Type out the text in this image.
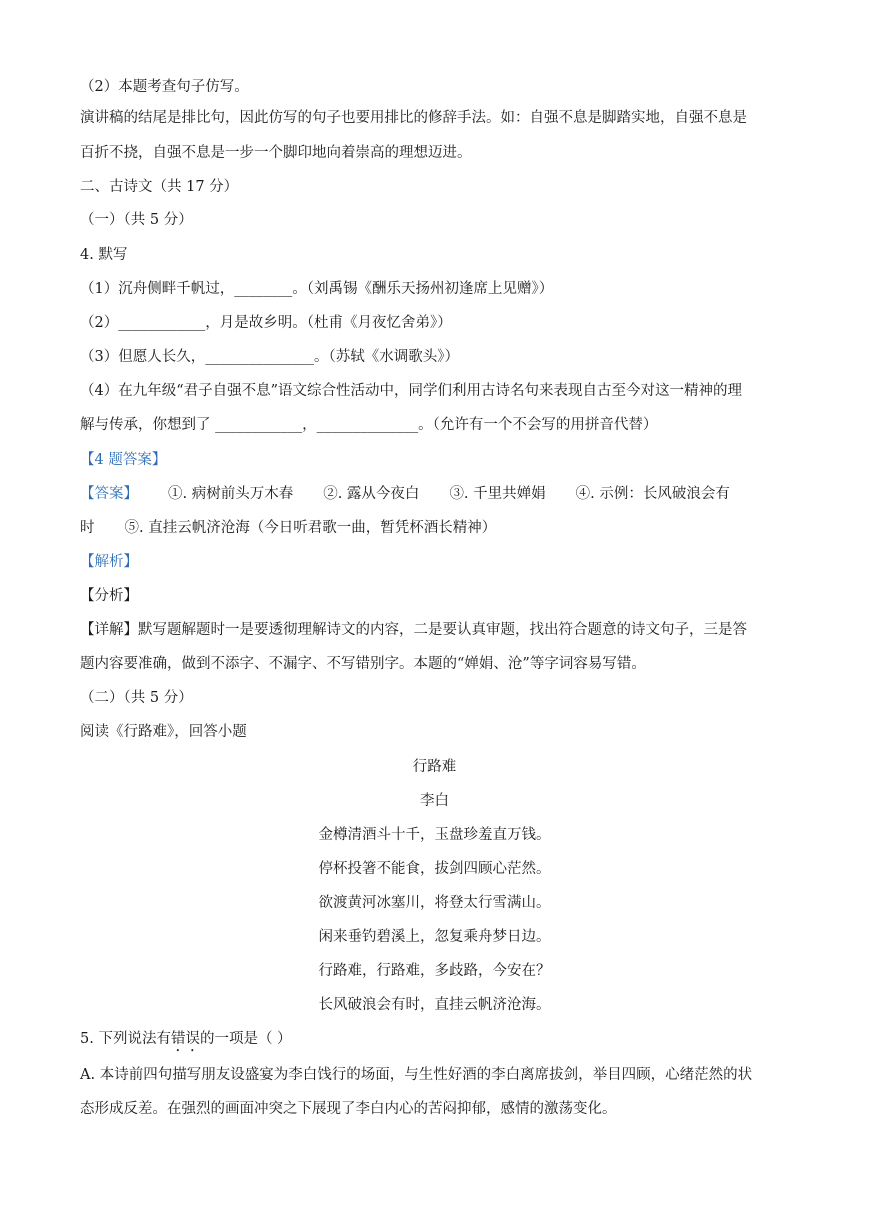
（2）本题考查句子仿写。
演讲稿的结尾是排比句，因此仿写的句子也要用排比的修辞手法。如：自强不息是脚踏实地，自强不息是
百折不挠，自强不息是一步一个脚印地向着崇高的理想迈进。
二、古诗文（共 17 分）
（一）（共 5 分）
4. 默写
（1）沉舟侧畔千帆过，________。（刘禹锡《酬乐天扬州初逢席上见赠》）
（2）____________，月是故乡明。（杜甫《月夜忆舍弟》）
（3）但愿人长久，_______________。（苏轼《水调歌头》）
（4）在九年级“君子自强不息”语文综合性活动中，同学们利用古诗名句来表现自古至今对这一精神的理
解与传承，你想到了 ____________，______________。（允许有一个不会写的用拼音代替）
【4 题答案】
【答案】 ①. 病树前头万木春 ②. 露从今夜白 ③. 千里共婵娟 ④. 示例：长风破浪会有
时 ⑤. 直挂云帆济沧海（今日听君歌一曲，暂凭杯酒长精神）
【解析】
【分析】
【详解】默写题解题时一是要透彻理解诗文的内容，二是要认真审题，找出符合题意的诗文句子，三是答
题内容要准确，做到不添字、不漏字、不写错别字。本题的“婵娟、沧”等字词容易写错。
（二）（共 5 分）
阅读《行路难》，回答小题
行路难
李白
金樽清酒斗十千，玉盘珍羞直万钱。
停杯投箸不能食，拔剑四顾心茫然。
欲渡黄河冰塞川，将登太行雪满山。
闲来垂钓碧溪上，忽复乘舟梦日边。
行路难，行路难，多歧路，今安在？
长风破浪会有时，直挂云帆济沧海。
5. 下列说法有错误的一项是（ ）
A. 本诗前四句描写朋友设盛宴为李白饯行的场面，与生性好酒的李白离席拔剑，举目四顾，心绪茫然的状
态形成反差。在强烈的画面冲突之下展现了李白内心的苦闷抑郁，感情的激荡变化。
